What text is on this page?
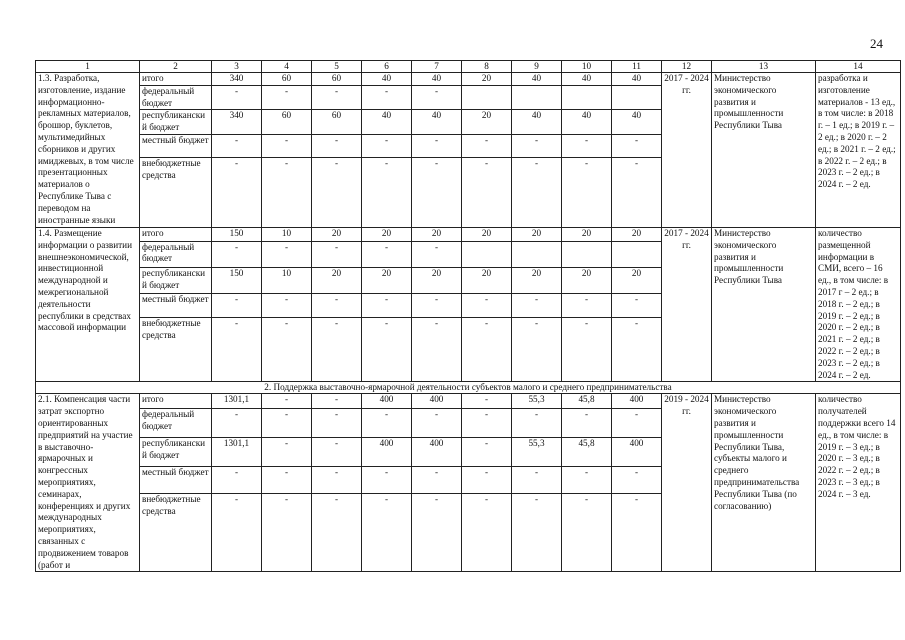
24
1	2	3	4	5	6	7	8	9	10	11	12	13	14
1.3. Разработка, изготовление, издание информационно-рекламных материалов, брошюр, буклетов, мультимедийных сборников и других имиджевых, в том числе презентационных материалов о Республике Тыва с переводом на иностранные языки	итого	340	60	60	40	40	20	40	40	40	2017 - 2024 гг.	Министерство экономического развития и промышленности Республики Тыва	разработка и изготовление материалов - 13 ед., в том числе: в 2018 г. – 1 ед.; в 2019 г. – 2 ед.; в 2020 г. – 2 ед.; в 2021 г. – 2 ед.; в 2022 г. – 2 ед.; в 2023 г. – 2 ед.; в 2024 г. – 2 ед.
	федеральный бюджет	-	-	-	-	-							
	республиканский бюджет	340	60	60	40	40	20	40	40	40			
	местный бюджет	-	-	-	-	-	-	-	-	-			
	внебюджетные средства	-	-	-	-	-	-	-	-	-			
1.4. Размещение информации о развитии внешнеэкономической, инвестиционной международной и межрегиональной деятельности республики в средствах массовой информации	итого	150	10	20	20	20	20	20	20	20	2017 - 2024 гг.	Министерство экономического развития и промышленности Республики Тыва	количество размещенной информации в СМИ, всего – 16 ед., в том числе: в 2017 г – 2 ед.; в 2018 г. – 2 ед.; в 2019 г. – 2 ед.; в 2020 г. – 2 ед.; в 2021 г. – 2 ед.; в 2022 г. – 2 ед.; в 2023 г. – 2 ед.; в 2024 г. – 2 ед.
	федеральный бюджет	-	-	-	-	-							
	республиканский бюджет	150	10	20	20	20	20	20	20	20			
	местный бюджет	-	-	-	-	-	-	-	-	-			
	внебюджетные средства	-	-	-	-	-	-	-	-	-			
2. Поддержка выставочно-ярмарочной деятельности субъектов малого и среднего предпринимательства													
2.1. Компенсация части затрат экспортно ориентированных предприятий на участие в выставочно-ярмарочных и конгрессных мероприятиях, семинарах, конференциях и других международных мероприятиях, связанных с продвижением товаров (работ и	итого	1301,1	-	-	400	400	-	55,3	45,8	400	2019 - 2024 гг.	Министерство экономического развития и промышленности Республики Тыва, субъекты малого и среднего предпринимательства Республики Тыва (по согласованию)	количество получателей поддержки всего 14 ед., в том числе: в 2019 г. – 3 ед.; в 2020 г. – 3 ед.; в 2022 г. – 2 ед.; в 2023 г. – 3 ед.; в 2024 г. – 3 ед.
	федеральный бюджет	-	-	-	-	-	-	-	-	-			
	республиканский бюджет	1301,1	-	-	400	400	-	55,3	45,8	400			
	местный бюджет	-	-	-	-	-	-	-	-	-			
	внебюджетные средства	-	-	-	-	-	-	-	-	-			
